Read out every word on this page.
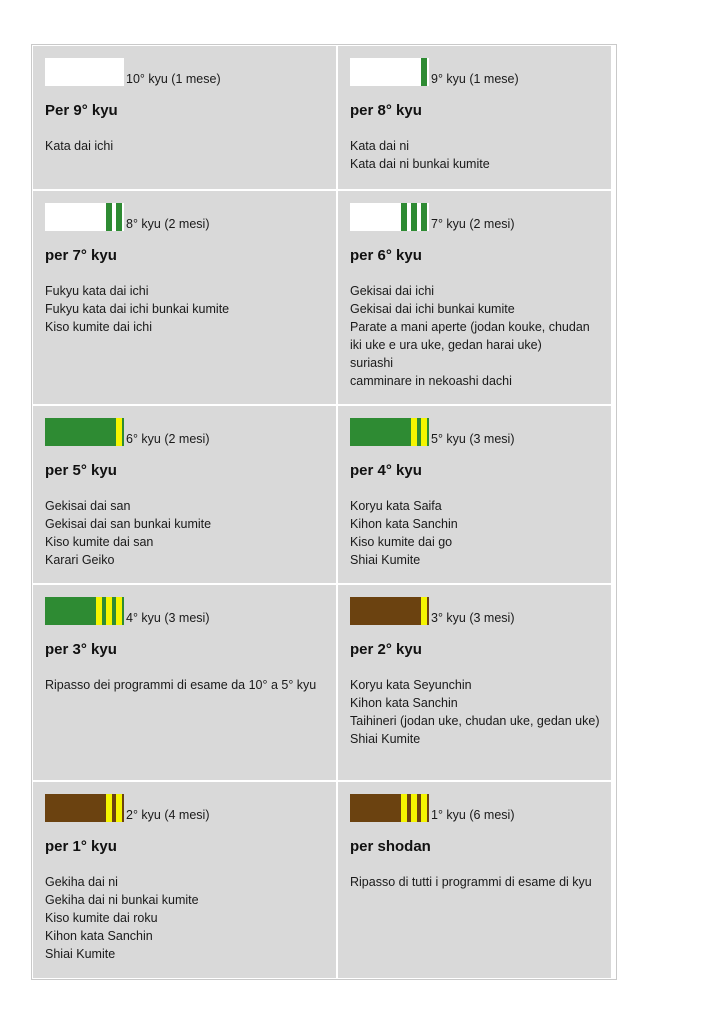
10° kyu (1 mese)
Per 9° kyu
Kata dai ichi
9° kyu (1 mese)
per 8° kyu
Kata dai ni
Kata dai ni bunkai kumite
8° kyu (2 mesi)
per 7° kyu
Fukyu kata dai ichi
Fukyu kata dai ichi bunkai kumite
Kiso kumite dai ichi
7° kyu (2 mesi)
per 6° kyu
Gekisai dai ichi
Gekisai dai ichi bunkai kumite
Parate a mani aperte (jodan kouke, chudan iki uke e ura uke, gedan harai uke)
suriashi
camminare in nekoashi dachi
6° kyu (2 mesi)
per 5° kyu
Gekisai dai san
Gekisai dai san bunkai kumite
Kiso kumite dai san
Karari Geiko
5° kyu (3 mesi)
per 4° kyu
Koryu kata Saifa
Kihon kata Sanchin
Kiso kumite dai go
Shiai Kumite
4° kyu (3 mesi)
per 3° kyu
Ripasso dei programmi di esame da 10° a 5° kyu
3° kyu (3 mesi)
per 2° kyu
Koryu kata Seyunchin
Kihon kata Sanchin
Taihineri (jodan uke, chudan uke, gedan uke)
Shiai Kumite
2° kyu (4 mesi)
per 1° kyu
Gekiha dai ni
Gekiha dai ni bunkai kumite
Kiso kumite dai roku
Kihon kata Sanchin
Shiai Kumite
1° kyu (6 mesi)
per shodan
Ripasso di tutti i programmi di esame di kyu
